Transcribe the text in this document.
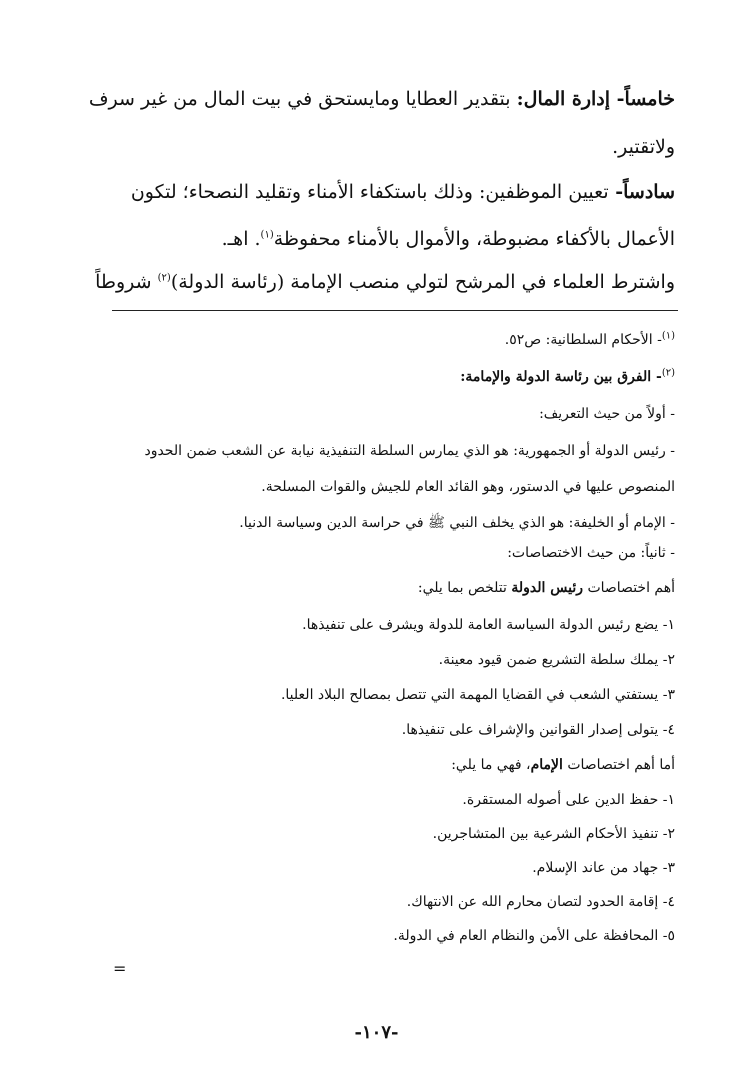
خامساً- إدارة المال: بتقدير العطايا ومايستحق في بيت المال من غير سرف
ولاتقتير.
سادساً- تعيين الموظفين: وذلك باستكفاء الأمناء وتقليد النصحاء؛ لتكون
الأعمال بالأكفاء مضبوطة، والأموال بالأمناء محفوظة$^{(١)}$. اهـ.
واشترط العلماء في المرشح لتولي منصب الإمامة (رئاسة الدولة)$^{(٢)}$ شروطاً
$^{(١)}$- الأحكام السلطانية: ص٥٢.
$^{(٢)}$- الفرق بين رئاسة الدولة والإمامة:
- أولاً من حيث التعريف:
- رئيس الدولة أو الجمهورية: هو الذي يمارس السلطة التنفيذية نيابة عن الشعب ضمن الحدود
المنصوص عليها في الدستور، وهو القائد العام للجيش والقوات المسلحة.
- الإمام أو الخليفة: هو الذي يخلف النبي ﷺ في حراسة الدين وسياسة الدنيا.
- ثانياً: من حيث الاختصاصات:
أهم اختصاصات رئيس الدولة تتلخص بما يلي:
١- يضع رئيس الدولة السياسة العامة للدولة ويشرف على تنفيذها.
٢- يملك سلطة التشريع ضمن قيود معينة.
٣- يستفتي الشعب في القضايا المهمة التي تتصل بمصالح البلاد العليا.
٤- يتولى إصدار القوانين والإشراف على تنفيذها.
أما أهم اختصاصات الإمام، فهي ما يلي:
١- حفظ الدين على أصوله المستقرة.
٢- تنفيذ الأحكام الشرعية بين المتشاجرين.
٣- جهاد من عاند الإسلام.
٤- إقامة الحدود لتصان محارم الله عن الانتهاك.
٥- المحافظة على الأمن والنظام العام في الدولة.
=
-١٠٧-
